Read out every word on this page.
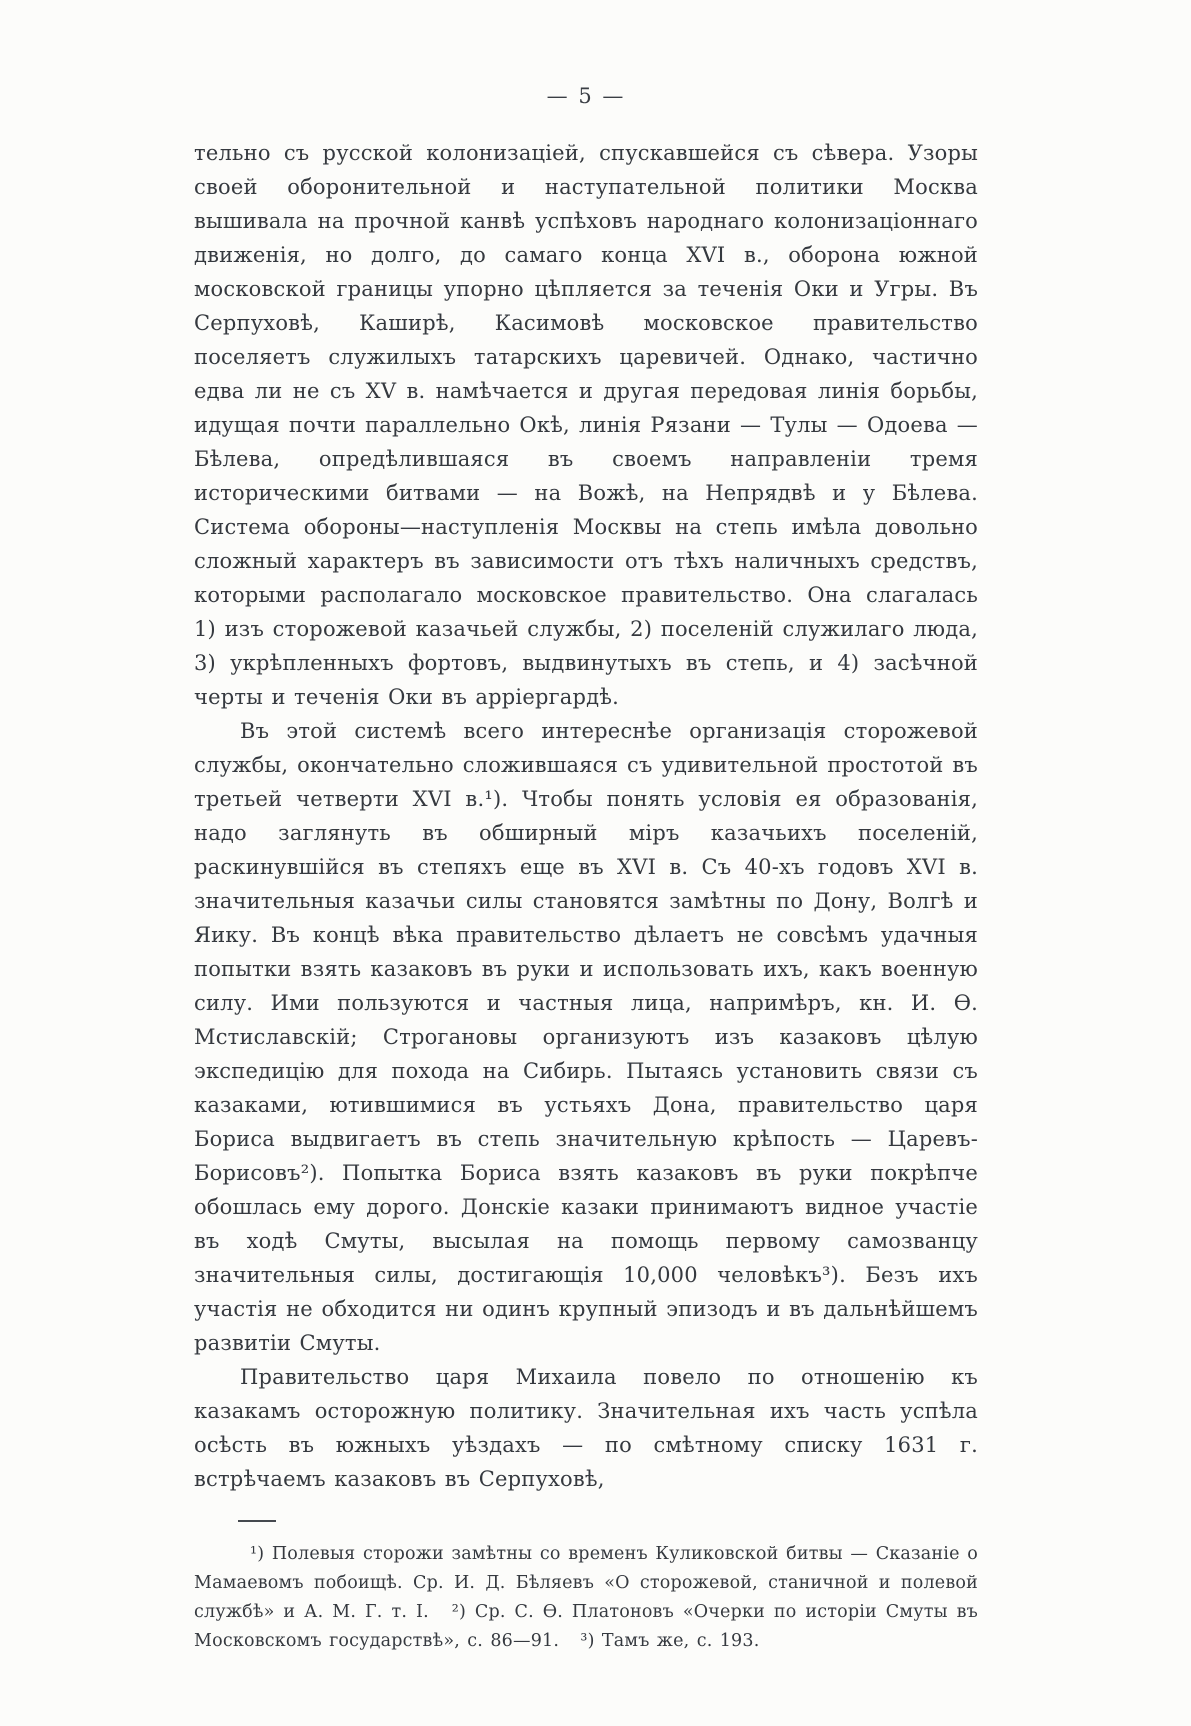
— 5 —

тельно съ русской колонизаціей, спускавшейся съ сѣвера. Узоры своей оборонительной и наступательной политики Москва вышивала на прочной канвѣ успѣховъ народнаго колонизаціоннаго движенія, но долго, до самаго конца XVI в., оборона южной московской границы упорно цѣпляется за теченія Оки и Угры. Въ Серпуховѣ, Каширѣ, Касимовѣ московское правительство поселяетъ служилыхъ татарскихъ царевичей. Однако, частично едва ли не съ XV в. намѣчается и другая передовая линія борьбы, идущая почти параллельно Окѣ, линія Рязани — Тулы — Одоева — Бѣлева, опредѣлившаяся въ своемъ направленіи тремя историческими битвами — на Вожѣ, на Непрядвѣ и у Бѣлева. Система обороны—наступленія Москвы на степь имѣла довольно сложный характеръ въ зависимости отъ тѣхъ наличныхъ средствъ, которыми располагало московское правительство. Она слагалась 1) изъ сторожевой казачьей службы, 2) поселеній служилаго люда, 3) укрѣпленныхъ фортовъ, выдвинутыхъ въ степь, и 4) засѣчной черты и теченія Оки въ арріергардѣ.

Въ этой системѣ всего интереснѣе организація сторожевой службы, окончательно сложившаяся съ удивительной простотой въ третьей четверти XVI в.¹). Чтобы понять условія ея образованія, надо заглянуть въ обширный міръ казачьихъ поселеній, раскинувшійся въ степяхъ еще въ XVI в. Съ 40-хъ годовъ XVI в. значительныя казачьи силы становятся замѣтны по Дону, Волгѣ и Яику. Въ концѣ вѣка правительство дѣлаетъ не совсѣмъ удачныя попытки взять казаковъ въ руки и использовать ихъ, какъ военную силу. Ими пользуются и частныя лица, напримѣръ, кн. И. Ѳ. Мстиславскій; Строгановы организуютъ изъ казаковъ цѣлую экспедицію для похода на Сибирь. Пытаясь установить связи съ казаками, ютившимися въ устьяхъ Дона, правительство царя Бориса выдвигаетъ въ степь значительную крѣпость — Царевъ-Борисовъ²). Попытка Бориса взять казаковъ въ руки покрѣпче обошлась ему дорого. Донскіе казаки принимаютъ видное участіе въ ходѣ Смуты, высылая на помощь первому самозванцу значительныя силы, достигающія 10,000 человѣкъ³). Безъ ихъ участія не обходится ни одинъ крупный эпизодъ и въ дальнѣйшемъ развитіи Смуты.

Правительство царя Михаила повело по отношенію къ казакамъ осторожную политику. Значительная ихъ часть успѣла осѣсть въ южныхъ уѣздахъ — по смѣтному списку 1631 г. встрѣчаемъ казаковъ въ Серпуховѣ,

¹) Полевыя сторожи замѣтны со временъ Куликовской битвы — Сказаніе о Мамаевомъ побоищѣ. Ср. И. Д. Бѣляевъ «О сторожевой, станичной и полевой службѣ» и А. М. Г. т. I. ²) Ср. С. Ѳ. Платоновъ «Очерки по исторіи Смуты въ Московскомъ государствѣ», с. 86—91. ³) Тамъ же, с. 193.
